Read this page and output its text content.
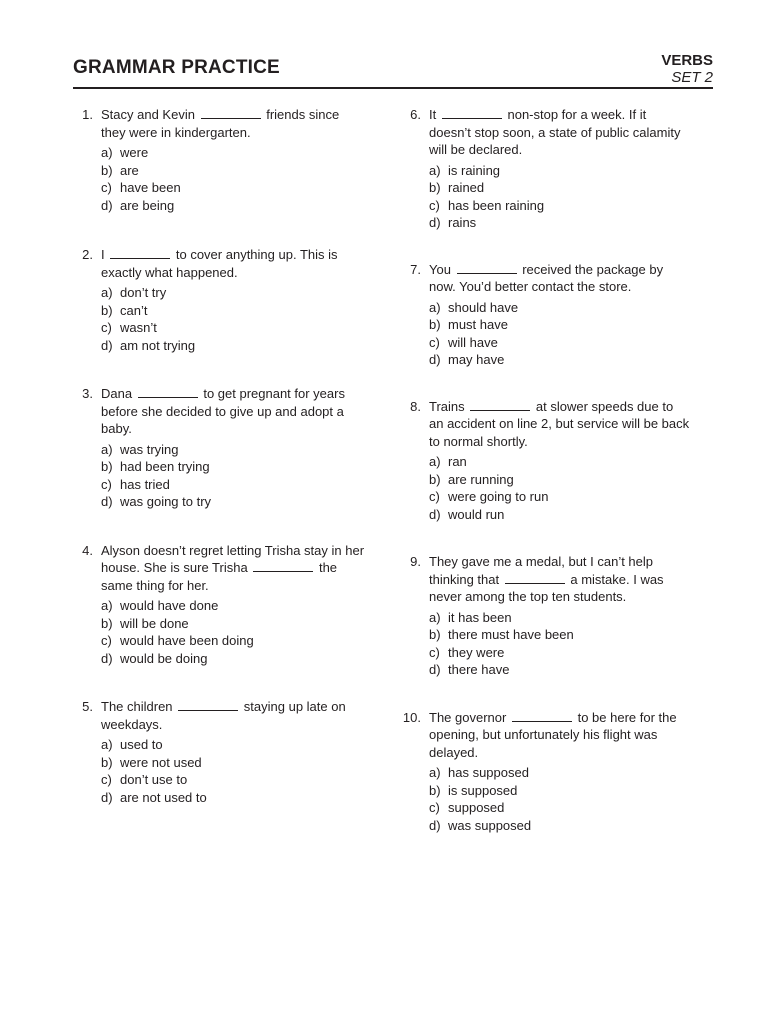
GRAMMAR PRACTICE	VERBS
SET 2
1. Stacy and Kevin	friends since they were in kindergarten.

a) were
b) are
c) have been
d) are being
2. I	to cover anything up. This is exactly what happened.

a) don’t try
b) can’t
c) wasn’t
d) am not trying
3. Dana	to get pregnant for years before she decided to give up and adopt a baby.

a) was trying
b) had been trying
c) has tried
d) was going to try
4. Alyson doesn’t regret letting Trisha stay in her house. She is sure Trisha	the same thing for her.

a) would have done
b) will be done
c) would have been doing
d) would be doing
5. The children	staying up late on weekdays.

a) used to
b) were not used
c) don’t use to
d) are not used to
6. It	non-stop for a week. If it doesn’t stop soon, a state of public calamity will be declared.

a) is raining
b) rained
c) has been raining
d) rains
7. You	received the package by now. You’d better contact the store.

a) should have
b) must have
c) will have
d) may have
8. Trains	at slower speeds due to an accident on line 2, but service will be back to normal shortly.

a) ran
b) are running
c) were going to run
d) would run
9. They gave me a medal, but I can’t help thinking that	a mistake. I was never among the top ten students.

a) it has been
b) there must have been
c) they were
d) there have
10. The governor	to be here for the opening, but unfortunately his flight was delayed.

a) has supposed
b) is supposed
c) supposed
d) was supposed
